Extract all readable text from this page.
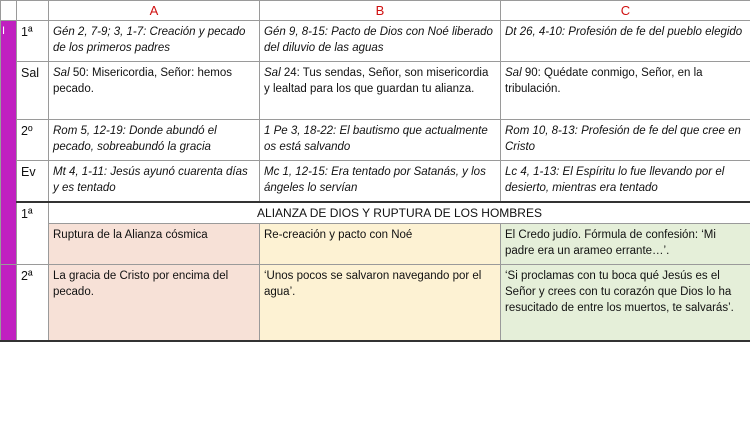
		A	B	C
I	1ª	Gén 2, 7-9; 3, 1-7: Creación y pecado de los primeros padres	Gén 9, 8-15: Pacto de Dios con Noé liberado del diluvio de las aguas	Dt 26, 4-10: Profesión de fe del pueblo elegido
	Sal	Sal 50: Misericordia, Señor: hemos pecado.	Sal 24: Tus sendas, Señor, son misericordia y lealtad para los que guardan tu alianza.	Sal 90: Quédate conmigo, Señor, en la tribulación.
	2º	Rom 5, 12-19: Donde abundó el pecado, sobreabundó la gracia	1 Pe 3, 18-22: El bautismo que actualmente os está salvando	Rom 10, 8-13: Profesión de fe del que cree en Cristo
	Ev	Mt 4, 1-11: Jesús ayunó cuarenta días y es tentado	Mc 1, 12-15: Era tentado por Satanás, y los ángeles lo servían	Lc 4, 1-13: El Espíritu lo fue llevando por el desierto, mientras era tentado
	1ª	ALIANZA DE DIOS Y RUPTURA DE LOS HOMBRES		
		Ruptura de la Alianza cósmica	Re-creación y pacto con Noé	El Credo judío. Fórmula de confesión: ‘Mi padre era un arameo errante…’.
	2ª	La gracia de Cristo por encima del pecado.	‘Unos pocos se salvaron navegando por el agua’.	‘Si proclamas con tu boca qué Jesús es el Señor y crees con tu corazón que Dios lo ha resucitado de entre los muertos, te salvarás’.
